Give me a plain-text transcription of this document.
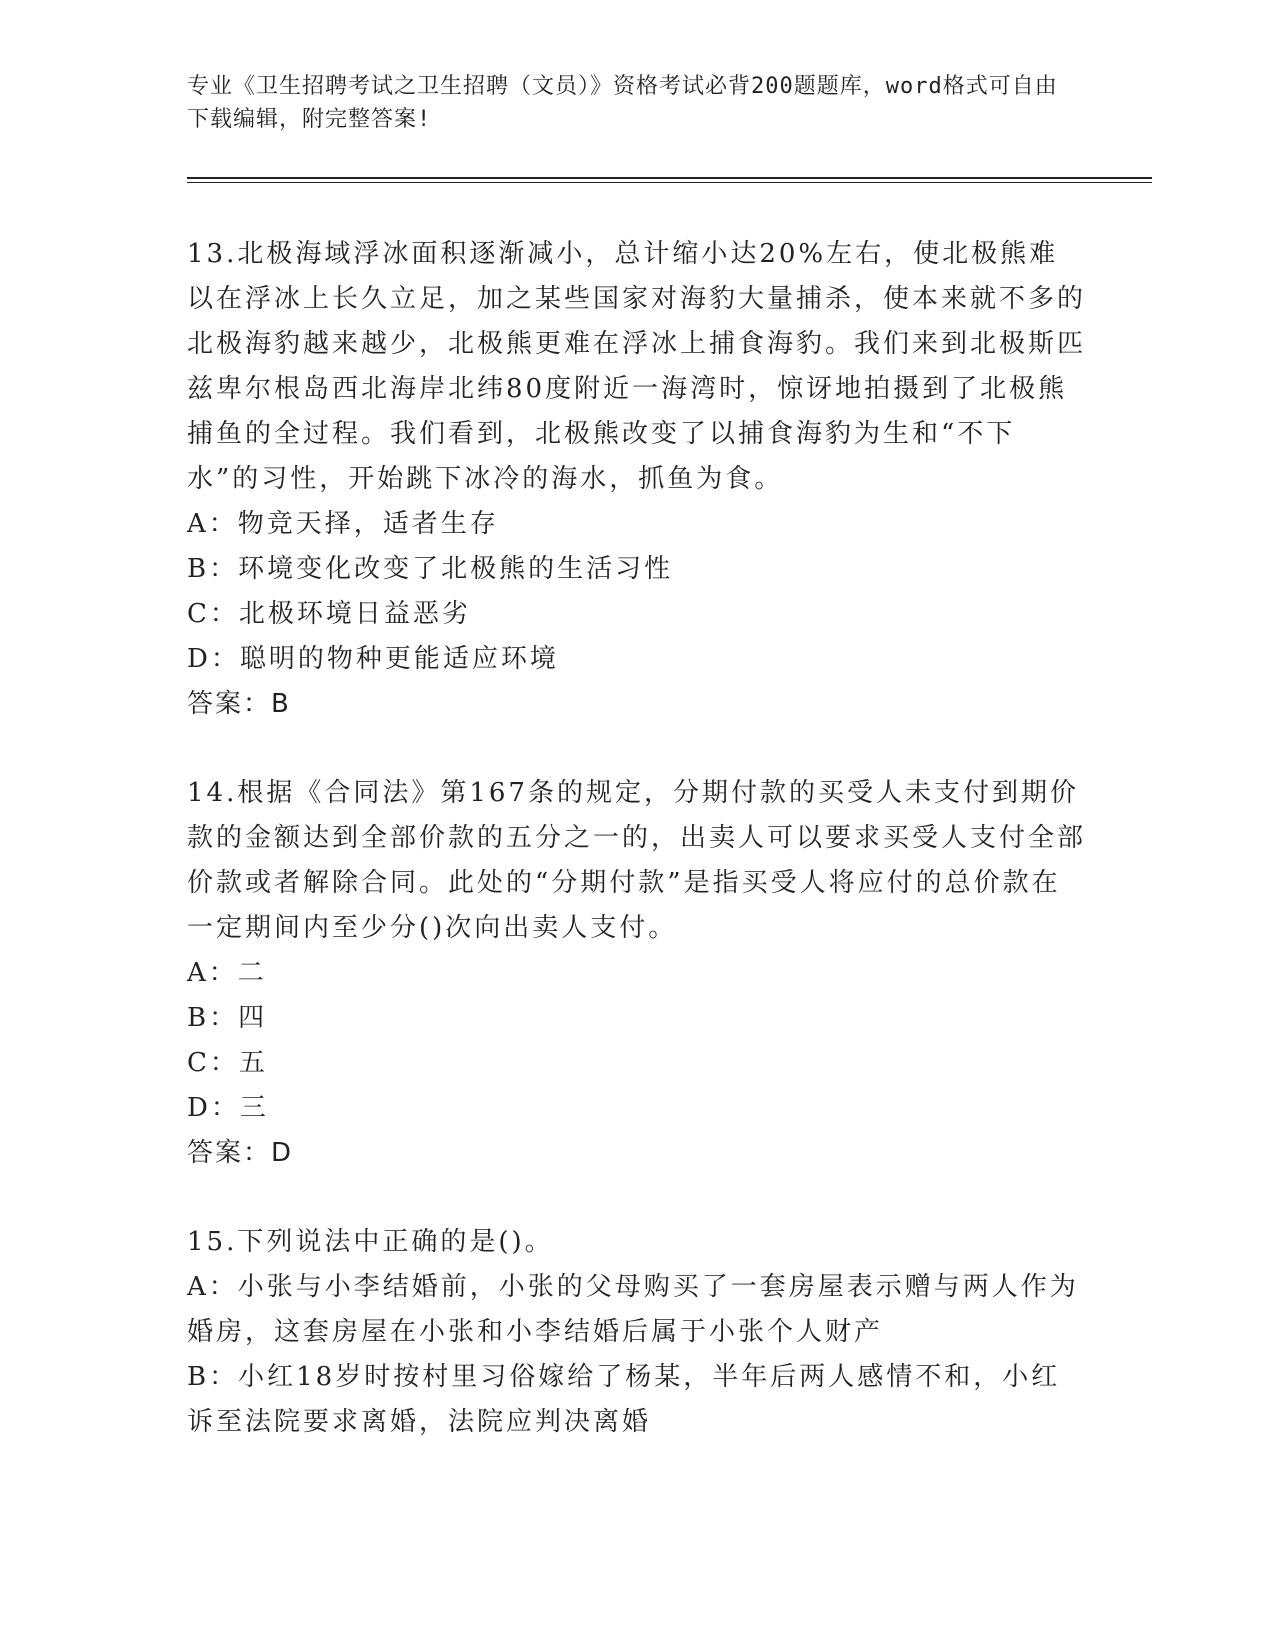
专业《卫生招聘考试之卫生招聘（文员）》资格考试必背200题题库，word格式可自由下载编辑，附完整答案!

13.北极海域浮冰面积逐渐减小，总计缩小达20%左右，使北极熊难以在浮冰上长久立足，加之某些国家对海豹大量捕杀，使本来就不多的北极海豹越来越少，北极熊更难在浮冰上捕食海豹。我们来到北极斯匹兹卑尔根岛西北海岸北纬80度附近一海湾时，惊讶地拍摄到了北极熊捕鱼的全过程。我们看到，北极熊改变了以捕食海豹为生和“不下水”的习性，开始跳下冰冷的海水，抓鱼为食。

A：物竞天择，适者生存

B：环境变化改变了北极熊的生活习性

C：北极环境日益恶劣

D：聪明的物种更能适应环境

答案：B

14.根据《合同法》第167条的规定，分期付款的买受人未支付到期价款的金额达到全部价款的五分之一的，出卖人可以要求买受人支付全部价款或者解除合同。此处的“分期付款”是指买受人将应付的总价款在一定期间内至少分()次向出卖人支付。

A：二

B：四

C：五

D：三

答案：D

15.下列说法中正确的是()。

A：小张与小李结婚前，小张的父母购买了一套房屋表示赠与两人作为婚房，这套房屋在小张和小李结婚后属于小张个人财产

B：小红18岁时按村里习俗嫁给了杨某，半年后两人感情不和，小红诉至法院要求离婚，法院应判决离婚
